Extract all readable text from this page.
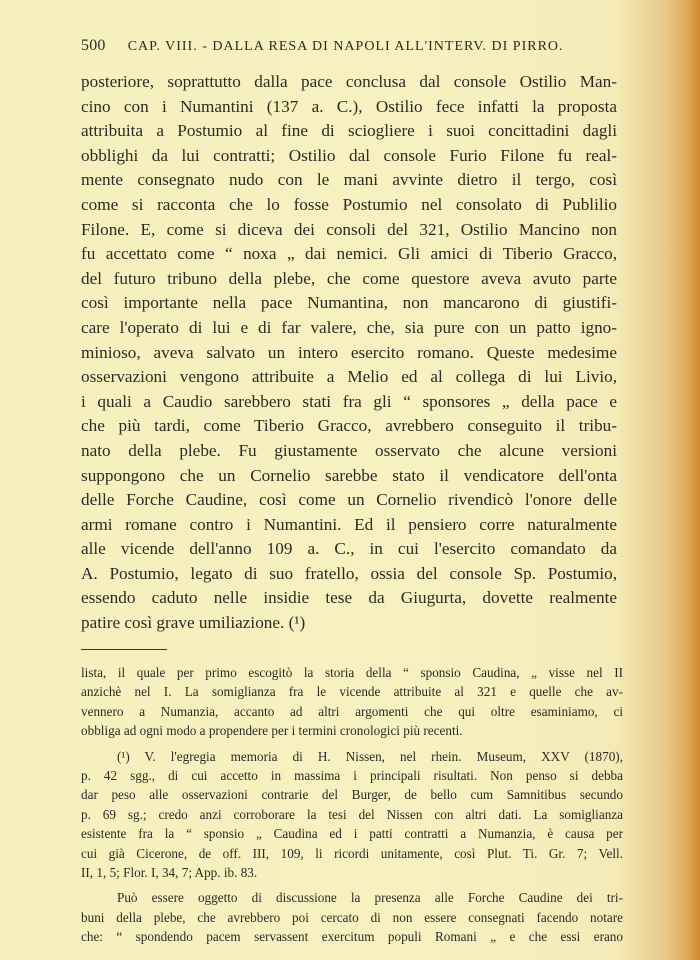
500 CAP. VIII. - DALLA RESA DI NAPOLI ALL'INTERV. DI PIRRO.
posteriore, soprattutto dalla pace conclusa dal console Ostilio Man-
cino con i Numantini (137 a. C.), Ostilio fece infatti la proposta
attribuita a Postumio al fine di sciogliere i suoi concittadini dagli
obblighi da lui contratti; Ostilio dal console Furio Filone fu real-
mente consegnato nudo con le mani avvinte dietro il tergo, così
come si racconta che lo fosse Postumio nel consolato di Publilio
Filone. E, come si diceva dei consoli del 321, Ostilio Mancino non
fu accettato come “ noxa „ dai nemici. Gli amici di Tiberio Gracco,
del futuro tribuno della plebe, che come questore aveva avuto parte
così importante nella pace Numantina, non mancarono di giustifi-
care l'operato di lui e di far valere, che, sia pure con un patto igno-
minioso, aveva salvato un intero esercito romano. Queste medesime
osservazioni vengono attribuite a Melio ed al collega di lui Livio,
i quali a Caudio sarebbero stati fra gli “ sponsores „ della pace e
che più tardi, come Tiberio Gracco, avrebbero conseguito il tribu-
nato della plebe. Fu giustamente osservato che alcune versioni
suppongono che un Cornelio sarebbe stato il vendicatore dell'onta
delle Forche Caudine, così come un Cornelio rivendicò l'onore delle
armi romane contro i Numantini. Ed il pensiero corre naturalmente
alle vicende dell'anno 109 a. C., in cui l'esercito comandato da
A. Postumio, legato di suo fratello, ossia del console Sp. Postumio,
essendo caduto nelle insidie tese da Giugurta, dovette realmente
patire così grave umiliazione. (¹)
lista, il quale per primo escogitò la storia della “ sponsio Caudina, „ visse nel II
anzichè nel I. La somiglianza fra le vicende attribuite al 321 e quelle che av-
vennero a Numanzia, accanto ad altri argomenti che qui oltre esaminiamo, ci
obbliga ad ogni modo a propendere per i termini cronologici più recenti.
(¹) V. l'egregia memoria di H. Nissen, nel rhein. Museum, XXV (1870),
p. 42 sgg., di cui accetto in massima i principali risultati. Non penso si debba
dar peso alle osservazioni contrarie del Burger, de bello cum Samnitibus secundo
p. 69 sg.; credo anzi corroborare la tesi del Nissen con altri dati. La somiglianza
esistente fra la “ sponsio „ Caudina ed i patti contratti a Numanzia, è causa per
cui già Cicerone, de off. III, 109, li ricordi unitamente, così Plut. Ti. Gr. 7; Vell.
II, 1, 5; Flor. I, 34, 7; App. ib. 83.
Può essere oggetto di discussione la presenza alle Forche Caudine dei tri-
buni della plebe, che avrebbero poi cercato di non essere consegnati facendo notare
che: “ spondendo pacem servassent exercitum populi Romani „ e che essi erano
